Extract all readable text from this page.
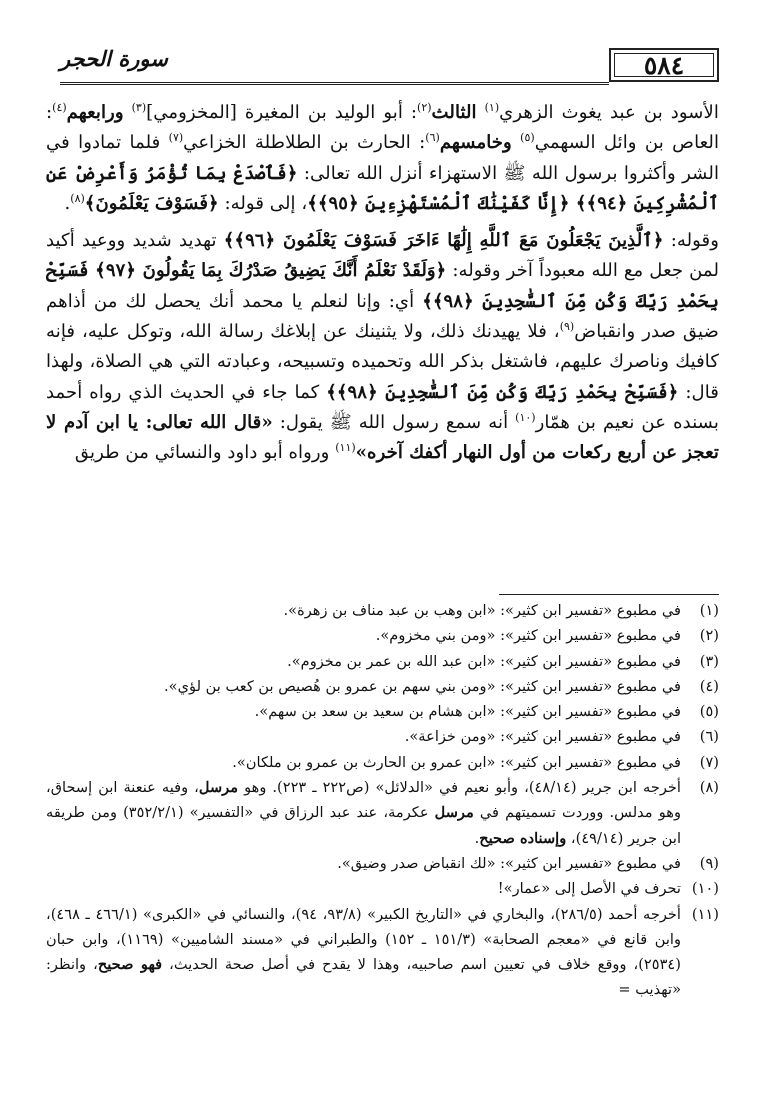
سورة الحجر	٥٨٤

الأسود بن عبد يغوث الزهري$^{(١)}$ الثالث$^{(٢)}$: أبو الوليد بن المغيرة [المخزومي]$^{(٣)}$ ورابعهم$^{(٤)}$: العاص بن وائل السهمي$^{(٥)}$ وخامسهم$^{(٦)}$: الحارث بن الطلاطلة الخزاعي$^{(٧)}$ فلما تمادوا في الشر وأكثروا برسول الله ﷺ الاستهزاء أنزل الله تعالى: ﴿فَٱصْدَعْ بِمَا تُؤْمَرُ وَأَعْرِضْ عَنِ ٱلْمُشْرِكِينَ ﴿٩٤﴾﴾ ﴿إِنَّا كَفَيْنَٰكَ ٱلْمُسْتَهْزِءِينَ ﴿٩٥﴾﴾، إلى قوله: ﴿فَسَوْفَ يَعْلَمُونَ﴾$^{(٨)}$.

وقوله: ﴿ٱلَّذِينَ يَجْعَلُونَ مَعَ ٱللَّهِ إِلَٰهًا ءَاخَرَ فَسَوْفَ يَعْلَمُونَ ﴿٩٦﴾﴾ تهديد شديد ووعيد أكيد لمن جعل مع الله معبوداً آخر وقوله: ﴿وَلَقَدْ نَعْلَمُ أَنَّكَ يَضِيقُ صَدْرُكَ بِمَا يَقُولُونَ ﴿٩٧﴾ فَسَبِّحْ بِحَمْدِ رَبِّكَ وَكُن مِّنَ ٱلسَّٰجِدِينَ ﴿٩٨﴾﴾ أي: وإنا لنعلم يا محمد أنك يحصل لك من أذاهم ضيق صدر وانقباض$^{(٩)}$، فلا يهيدنك ذلك، ولا يثنينك عن إبلاغك رسالة الله، وتوكل عليه، فإنه كافيك وناصرك عليهم، فاشتغل بذكر الله وتحميده وتسبيحه، وعبادته التي هي الصلاة، ولهذا قال: ﴿فَسَبِّحْ بِحَمْدِ رَبِّكَ وَكُن مِّنَ ٱلسَّٰجِدِينَ ﴿٩٨﴾﴾ كما جاء في الحديث الذي رواه أحمد بسنده عن نعيم بن همّار$^{(١٠)}$ أنه سمع رسول الله ﷺ يقول: «قال الله تعالى: يا ابن آدم لا تعجز عن أربع ركعات من أول النهار أكفك آخره»$^{(١١)}$ ورواه أبو داود والنسائي من طريق

(١)
في مطبوع «تفسير ابن كثير»: «ابن وهب بن عبد مناف بن زهرة».
(٢)
في مطبوع «تفسير ابن كثير»: «ومن بني مخزوم».
(٣)
في مطبوع «تفسير ابن كثير»: «ابن عبد الله بن عمر بن مخزوم».
(٤)
في مطبوع «تفسير ابن كثير»: «ومن بني سهم بن عمرو بن هُصيص بن كعب بن لؤي».
(٥)
في مطبوع «تفسير ابن كثير»: «ابن هشام بن سعيد بن سعد بن سهم».
(٦)
في مطبوع «تفسير ابن كثير»: «ومن خزاعة».
(٧)
في مطبوع «تفسير ابن كثير»: «ابن عمرو بن الحارث بن عمرو بن ملكان».
(٨)
أخرجه ابن جرير (٤٨/١٤)، وأبو نعيم في «الدلائل» (ص٢٢٢ ـ ٢٢٣). وهو مرسل، وفيه عنعنة ابن إسحاق، وهو مدلس. ووردت تسميتهم في مرسل عكرمة، عند عبد الرزاق في «التفسير» (٣٥٢/٢/١) ومن طريقه ابن جرير (٤٩/١٤)، وإسناده صحيح.
(٩)
في مطبوع «تفسير ابن كثير»: «لك انقباض صدر وضيق».
(١٠)
تحرف في الأصل إلى «عمار»!
(١١)
أخرجه أحمد (٢٨٦/٥)، والبخاري في «التاريخ الكبير» (٩٣/٨، ٩٤)، والنسائي في «الكبرى» (٤٦٦/١ ـ ٤٦٨)، وابن قانع في «معجم الصحابة» (١٥١/٣ ـ ١٥٢) والطبراني في «مسند الشاميين» (١١٦٩)، وابن حبان (٢٥٣٤)، ووقع خلاف في تعيين اسم صاحبيه، وهذا لا يقدح في أصل صحة الحديث، فهو صحيح، وانظر: «تهذيب =
